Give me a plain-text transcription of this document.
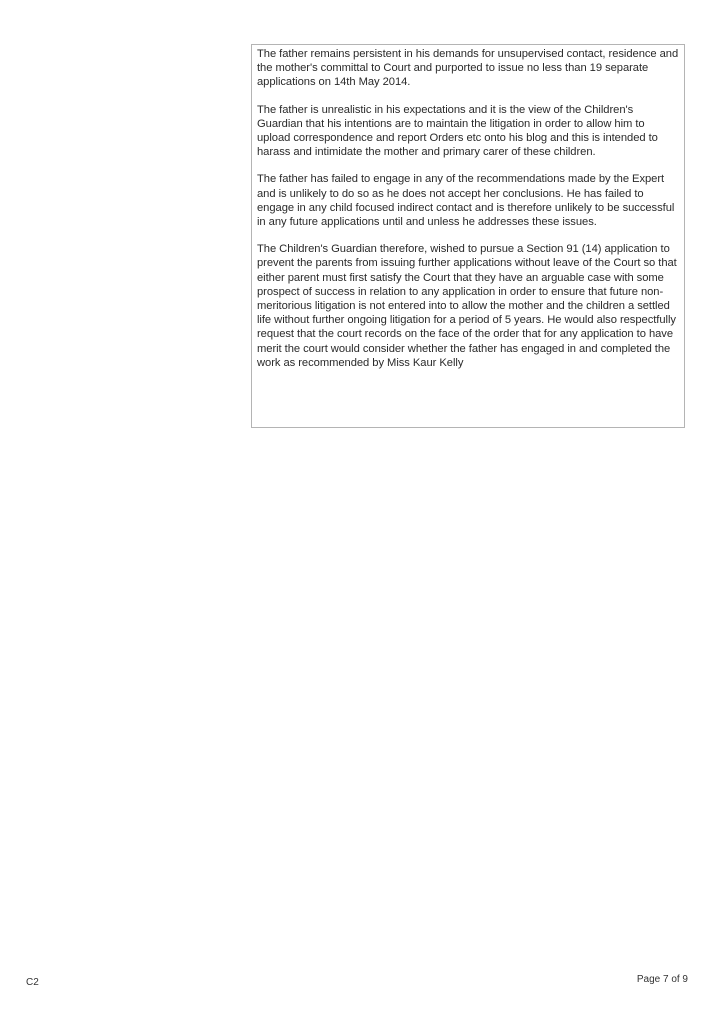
The father remains persistent in his demands for unsupervised contact, residence and the mother's committal to Court and purported to issue no less than 19 separate applications on 14th May 2014.

The father is unrealistic in his expectations and it is the view of the Children's Guardian that his intentions are to maintain the litigation in order to allow him to upload correspondence and report Orders etc onto his blog and this is intended to harass and intimidate the mother and primary carer of these children.

The father has failed to engage in any of the recommendations made by the Expert and is unlikely to do so as he does not accept her conclusions. He has failed to engage in any child focused indirect contact and is therefore unlikely to be successful in any future applications until and unless he addresses these issues.

The Children's Guardian therefore, wished to pursue a Section 91 (14) application to prevent the parents from issuing further applications without leave of the Court so that either parent must first satisfy the Court that they have an arguable case with some prospect of success in relation to any application in order to ensure that future non-meritorious litigation is not entered into to allow the mother and the children a settled life without further ongoing litigation for a period of 5 years. He would also respectfully request that the court records on the face of the order that for any application to have merit the court would consider whether the father has engaged in and completed the work as recommended by Miss Kaur Kelly

C2	Page 7 of 9
